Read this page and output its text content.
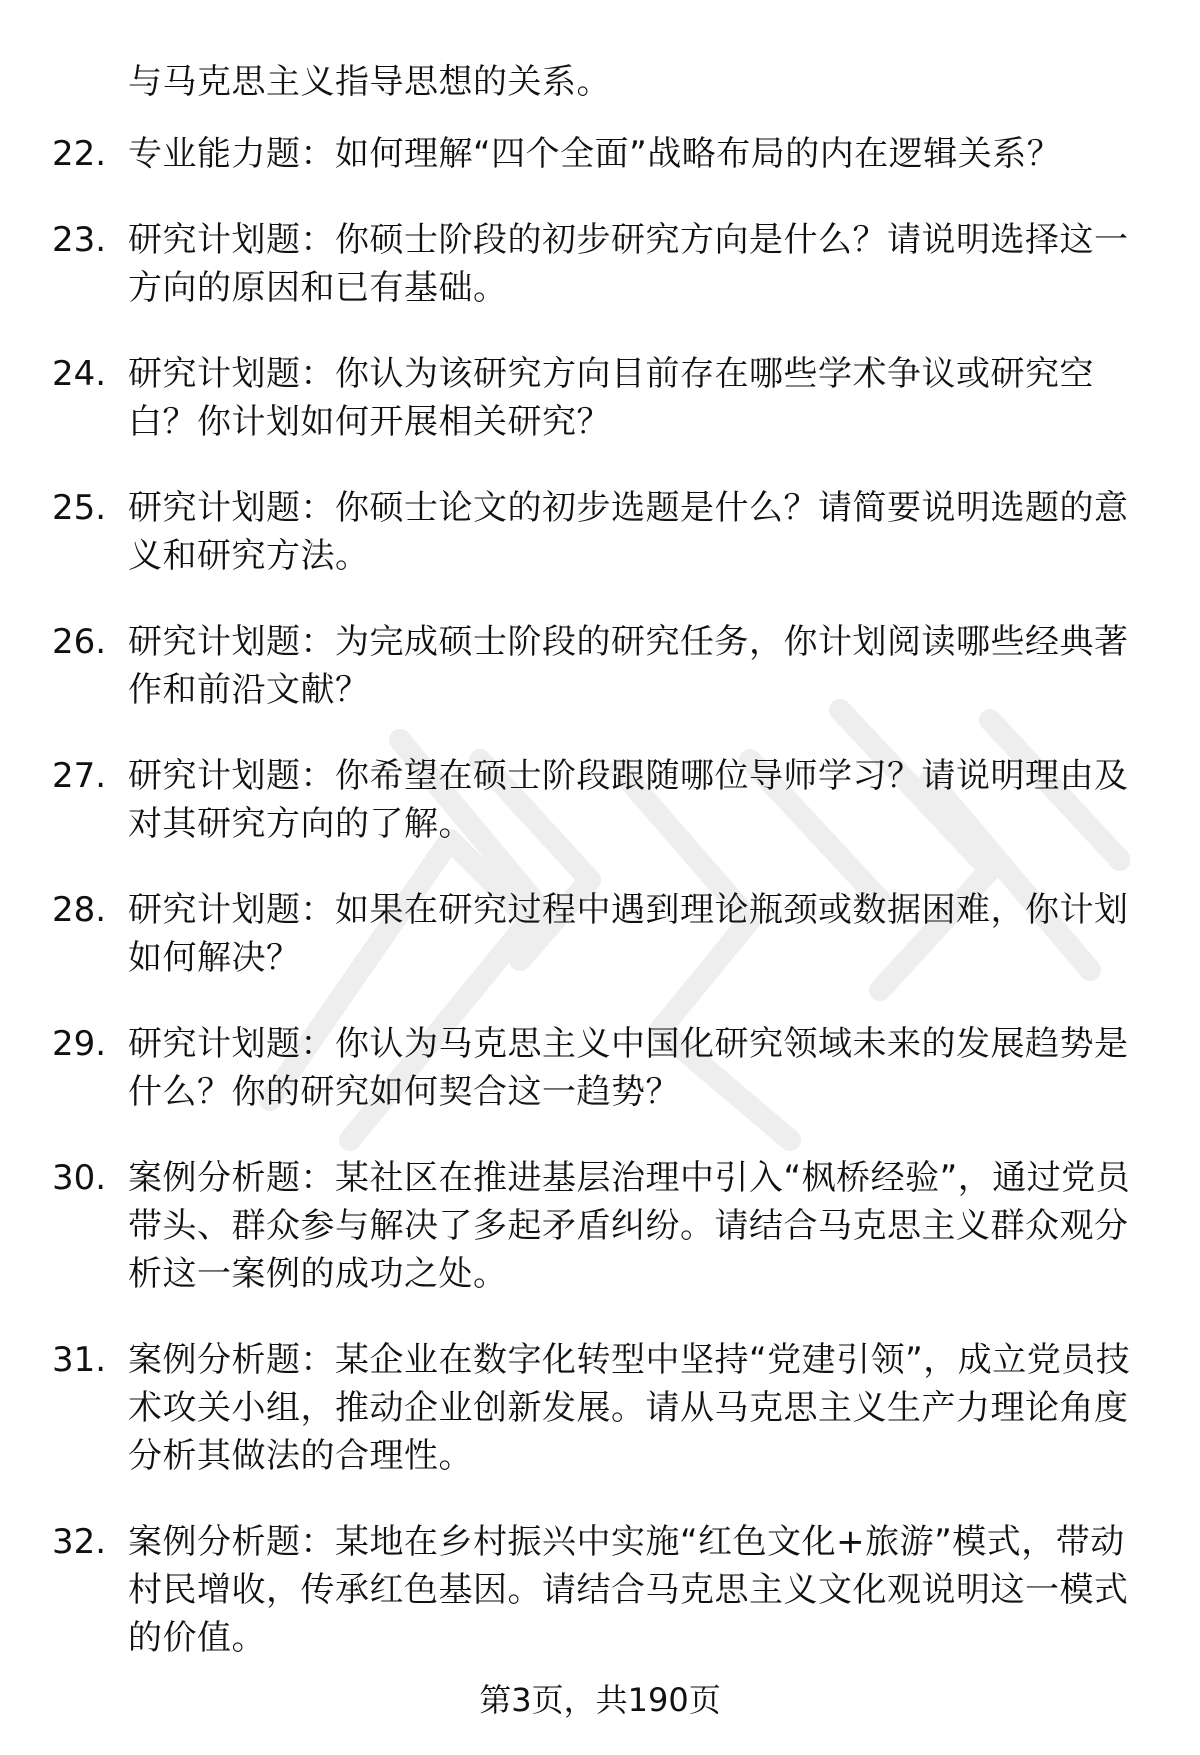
与马克思主义指导思想的关系。
22. 专业能力题：如何理解“四个全面”战略布局的内在逻辑关系？
23. 研究计划题：你硕士阶段的初步研究方向是什么？请说明选择这一方向的原因和已有基础。
24. 研究计划题：你认为该研究方向目前存在哪些学术争议或研究空白？你计划如何开展相关研究？
25. 研究计划题：你硕士论文的初步选题是什么？请简要说明选题的意义和研究方法。
26. 研究计划题：为完成硕士阶段的研究任务，你计划阅读哪些经典著作和前沿文献？
27. 研究计划题：你希望在硕士阶段跟随哪位导师学习？请说明理由及对其研究方向的了解。
28. 研究计划题：如果在研究过程中遇到理论瓶颈或数据困难，你计划如何解决？
29. 研究计划题：你认为马克思主义中国化研究领域未来的发展趋势是什么？你的研究如何契合这一趋势？
30. 案例分析题：某社区在推进基层治理中引入“枫桥经验”，通过党员带头、群众参与解决了多起矛盾纠纷。请结合马克思主义群众观分析这一案例的成功之处。
31. 案例分析题：某企业在数字化转型中坚持“党建引领”，成立党员技术攻关小组，推动企业创新发展。请从马克思主义生产力理论角度分析其做法的合理性。
32. 案例分析题：某地在乡村振兴中实施“红色文化+旅游”模式，带动村民增收，传承红色基因。请结合马克思主义文化观说明这一模式的价值。
第3页，共190页
